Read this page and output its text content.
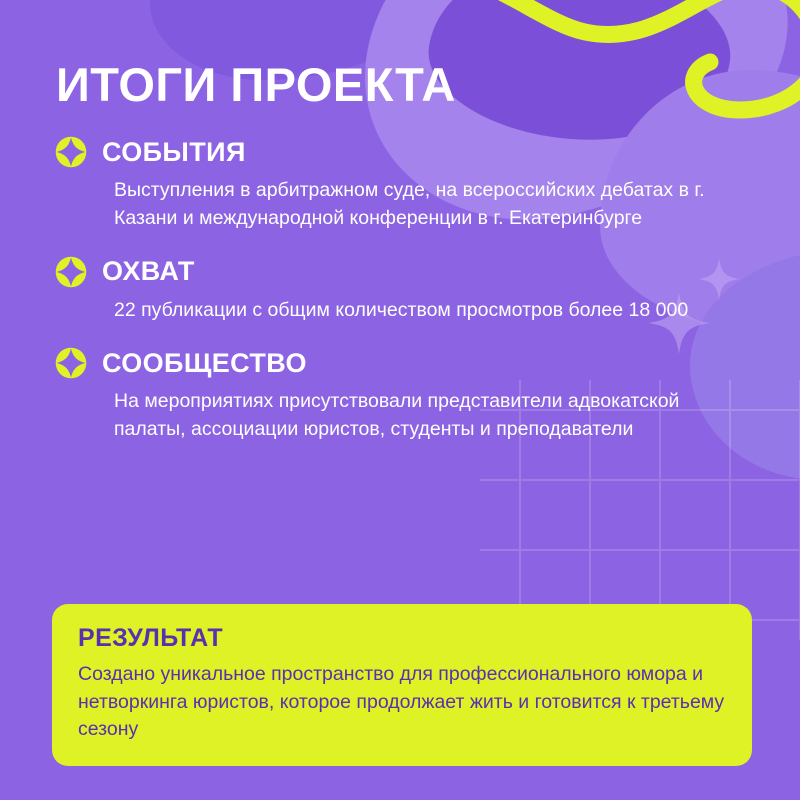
ИТОГИ ПРОЕКТА
СОБЫТИЯ
Выступления в арбитражном суде, на всероссийских дебатах в г. Казани и международной конференции в г. Екатеринбурге
ОХВАТ
22 публикации с общим количеством просмотров более 18 000
СООБЩЕСТВО
На мероприятиях присутствовали представители адвокатской палаты, ассоциации юристов, студенты и преподаватели
РЕЗУЛЬТАТ
Создано уникальное пространство для профессионального юмора и нетворкинга юристов, которое продолжает жить и готовится к третьему сезону
